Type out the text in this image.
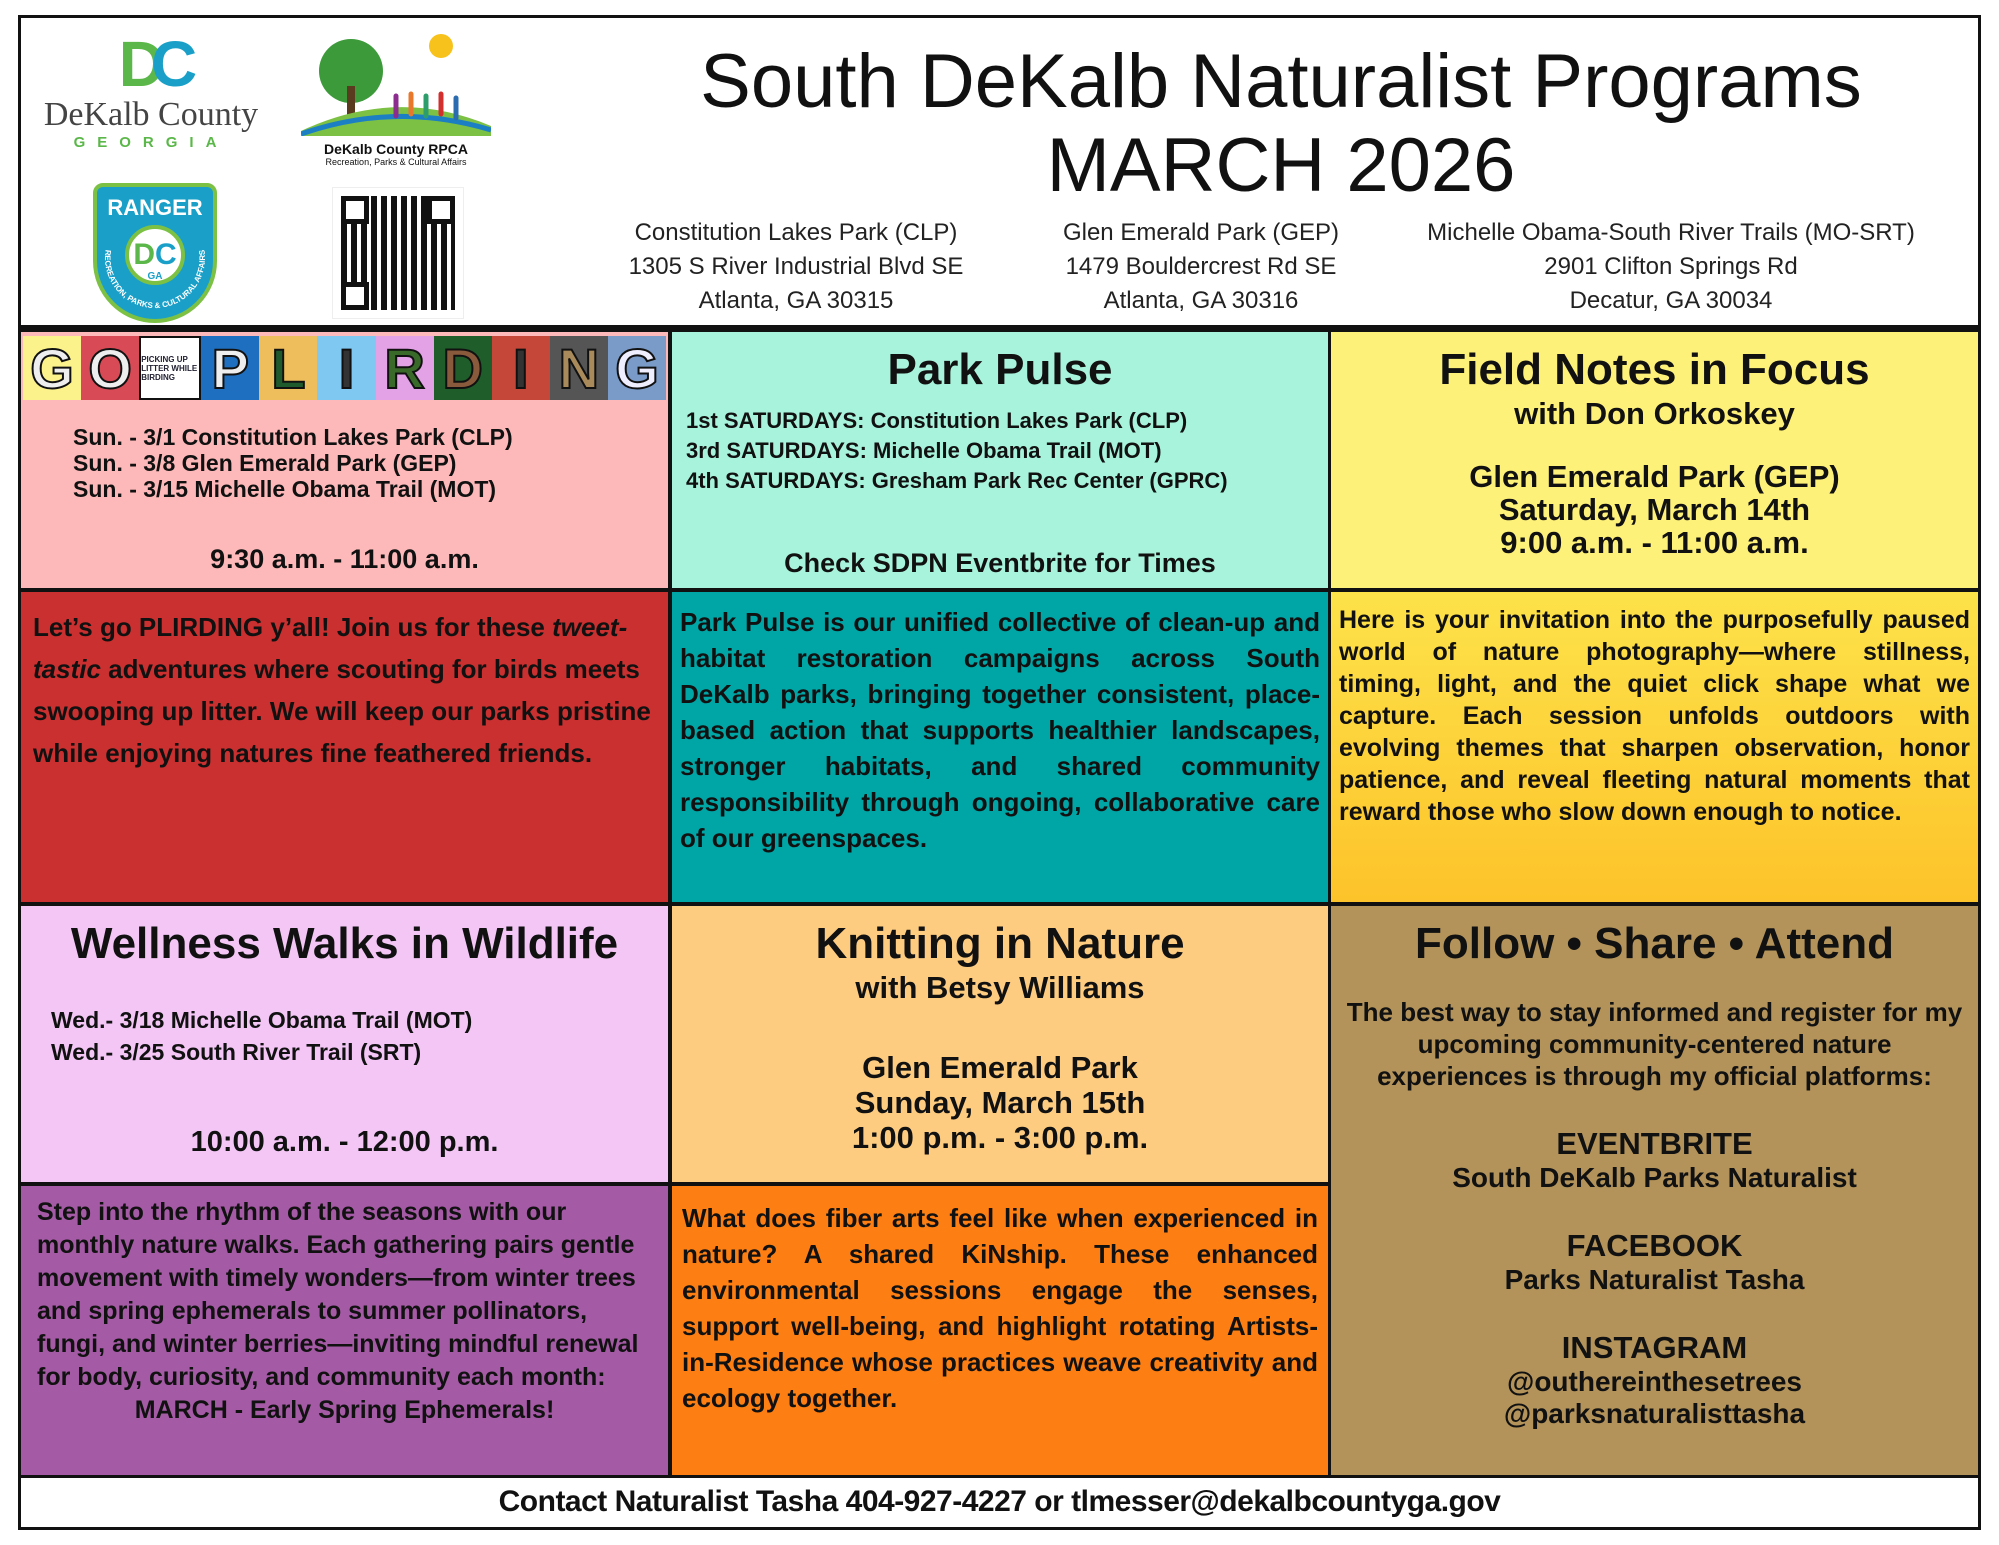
DC
DeKalb County
GEORGIA	DeKalb County RPCA
Recreation, Parks & Cultural Affairs
RANGER
DC
RECREATION, PARKS & CULTURAL AFFAIRS
GA
South DeKalb Naturalist Programs
MARCH 2026
Constitution Lakes Park (CLP)
1305 S River Industrial Blvd SE
Atlanta, GA 30315
Glen Emerald Park (GEP)
1479 Bouldercrest Rd SE
Atlanta, GA 30316
Michelle Obama-South River Trails (MO-SRT)
2901 Clifton Springs Rd
Decatur, GA 30034
G O	PICKING UP LITTER WHILE BIRDING P L I R D I N G
Sun. - 3/1 Constitution Lakes Park (CLP)
Sun. - 3/8 Glen Emerald Park (GEP)
Sun. - 3/15 Michelle Obama Trail (MOT)
9:30 a.m. - 11:00 a.m.
Park Pulse
1st SATURDAYS: Constitution Lakes Park (CLP)
3rd SATURDAYS: Michelle Obama Trail (MOT)
4th SATURDAYS: Gresham Park Rec Center (GPRC)
Check SDPN Eventbrite for Times
Field Notes in Focus
with Don Orkoskey
Glen Emerald Park (GEP)
Saturday, March 14th
9:00 a.m. - 11:00 a.m.
Let’s go PLIRDING y’all! Join us for these tweet-tastic adventures where scouting for birds meets swooping up litter. We will keep our parks pristine while enjoying natures fine feathered friends.
Park Pulse is our unified collective of clean-up and habitat restoration campaigns across South DeKalb parks, bringing together consistent, place-based action that supports healthier landscapes, stronger habitats, and shared community responsibility through ongoing, collaborative care of our greenspaces.
Here is your invitation into the purposefully paused world of nature photography—where stillness, timing, light, and the quiet click shape what we capture. Each session unfolds outdoors with evolving themes that sharpen observation, honor patience, and reveal fleeting natural moments that reward those who slow down enough to notice.
Wellness Walks in Wildlife
Wed.- 3/18 Michelle Obama Trail (MOT)
Wed.- 3/25 South River Trail (SRT)
10:00 a.m. - 12:00 p.m.
Knitting in Nature
with Betsy Williams
Glen Emerald Park
Sunday, March 15th
1:00 p.m. - 3:00 p.m.
Follow • Share • Attend
The best way to stay informed and register for my upcoming community-centered nature experiences is through my official platforms:
EVENTBRITE
South DeKalb Parks Naturalist
FACEBOOK
Parks Naturalist Tasha
INSTAGRAM
@outhereinthesetrees
@parksnaturalisttasha
Step into the rhythm of the seasons with our monthly nature walks. Each gathering pairs gentle movement with timely wonders—from winter trees and spring ephemerals to summer pollinators, fungi, and winter berries—inviting mindful renewal for body, curiosity, and community each month:
MARCH - Early Spring Ephemerals!
What does fiber arts feel like when experienced in nature? A shared KiNship. These enhanced environmental sessions engage the senses, support well-being, and highlight rotating Artists-in-Residence whose practices weave creativity and ecology together.
Contact Naturalist Tasha 404-927-4227 or tlmesser@dekalbcountyga.gov
